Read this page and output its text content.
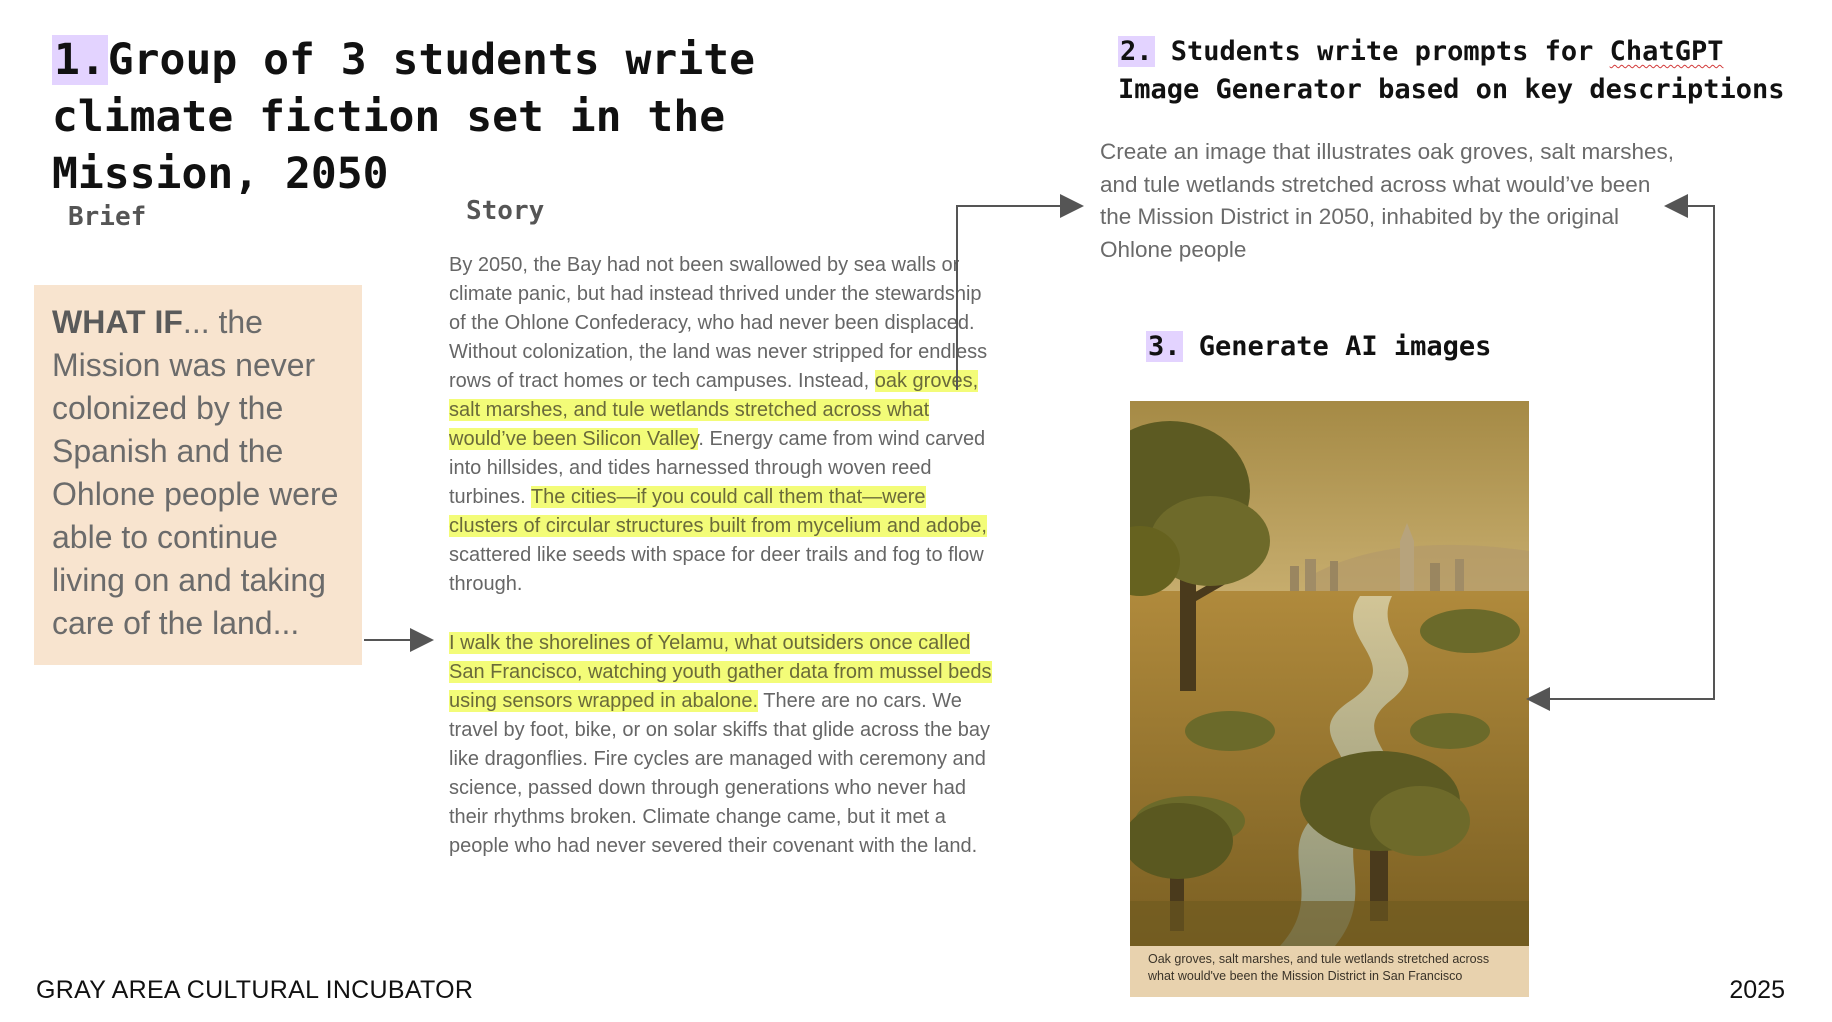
1.Group of 3 students write climate fiction set in the Mission, 2050
Brief
WHAT IF... the Mission was never colonized by the Spanish and the Ohlone people were able to continue living on and taking care of the land...
Story

By 2050, the Bay had not been swallowed by sea walls or climate panic, but had instead thrived under the stewardship of the Ohlone Confederacy, who had never been displaced. Without colonization, the land was never stripped for endless rows of tract homes or tech campuses. Instead, oak groves, salt marshes, and tule wetlands stretched across what would’ve been Silicon Valley. Energy came from wind carved into hillsides, and tides harnessed through woven reed turbines. The cities—if you could call them that—were clusters of circular structures built from mycelium and adobe, scattered like seeds with space for deer trails and fog to flow through.

I walk the shorelines of Yelamu, what outsiders once called San Francisco, watching youth gather data from mussel beds using sensors wrapped in abalone. There are no cars. We travel by foot, bike, or on solar skiffs that glide across the bay like dragonflies. Fire cycles are managed with ceremony and science, passed down through generations who never had their rhythms broken. Climate change came, but it met a people who had never severed their covenant with the land.

2. Students write prompts for ChatGPT Image Generator based on key descriptions
Create an image that illustrates oak groves, salt marshes, and tule wetlands stretched across what would’ve been the Mission District in 2050, inhabited by the original Ohlone people
3. Generate AI images
Oak groves, salt marshes, and tule wetlands stretched across what would've been the Mission District in San Francisco
GRAY AREA CULTURAL INCUBATOR	2025
